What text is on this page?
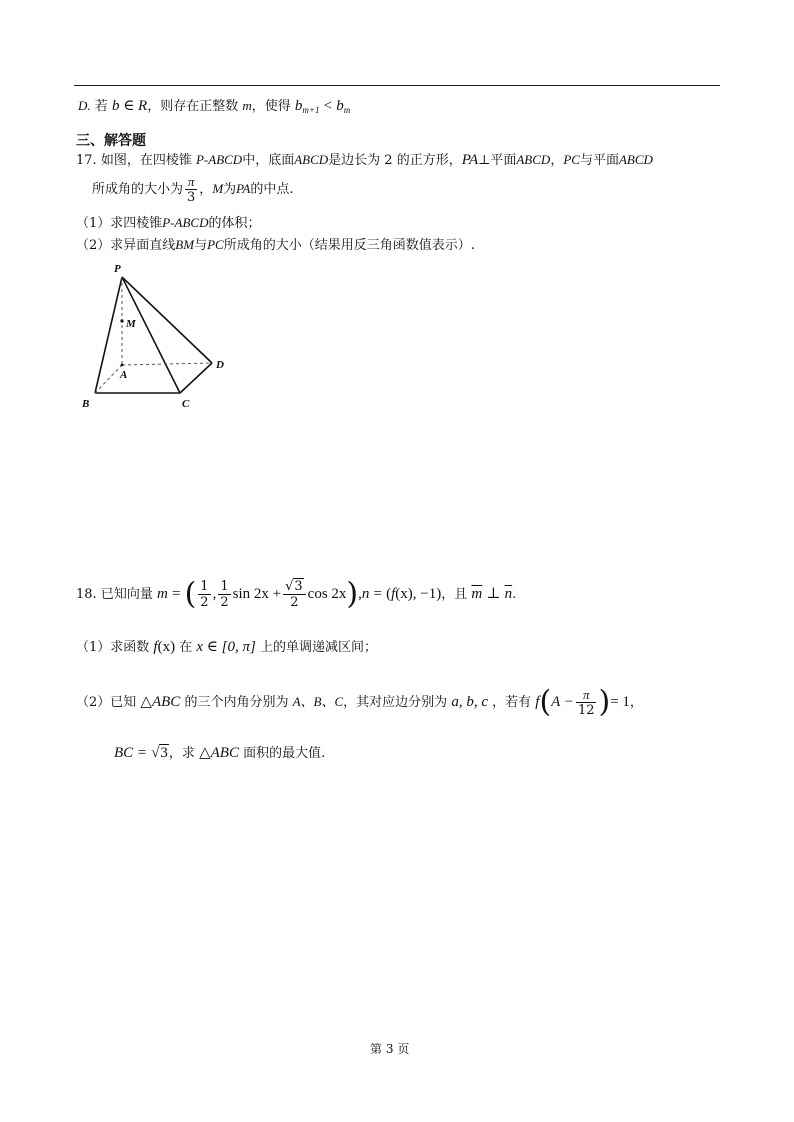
D. 若 b ∈ R，则存在正整数 m，使得 $b_{m+1} < b_m$
三、解答题
17. 如图，在四棱锥 P-ABCD中，底面ABCD是边长为 2 的正方形，PA⊥平面ABCD，PC与平面ABCD
所成角的大小为 $\frac{\pi}{3}$ ，M为PA的中点.
（1）求四棱锥P-ABCD的体积；
（2）求异面直线BM与PC所成角的大小（结果用反三角函数值表示）.
P
M
A
B	C
D
18. 已知向量 m = ( $\frac{1}{2}$ , $\frac{1}{2}$ $\sin 2x + \frac{√3}{2}$ cos 2x),n = (f(x), −1)，且 $\overline{m}$ ⊥ $\overline{n}$.
（1）求函数 f(x) 在 x ∈ [0, π] 上的单调递减区间；
（2）已知 △ABC 的三个内角分别为 A、B、C，其对应边分别为 a, b, c ，若有 $f(A - \frac{\pi}{12}$ )= 1，
BC = √3，求 △ABC 面积的最大值.
第 3 页
